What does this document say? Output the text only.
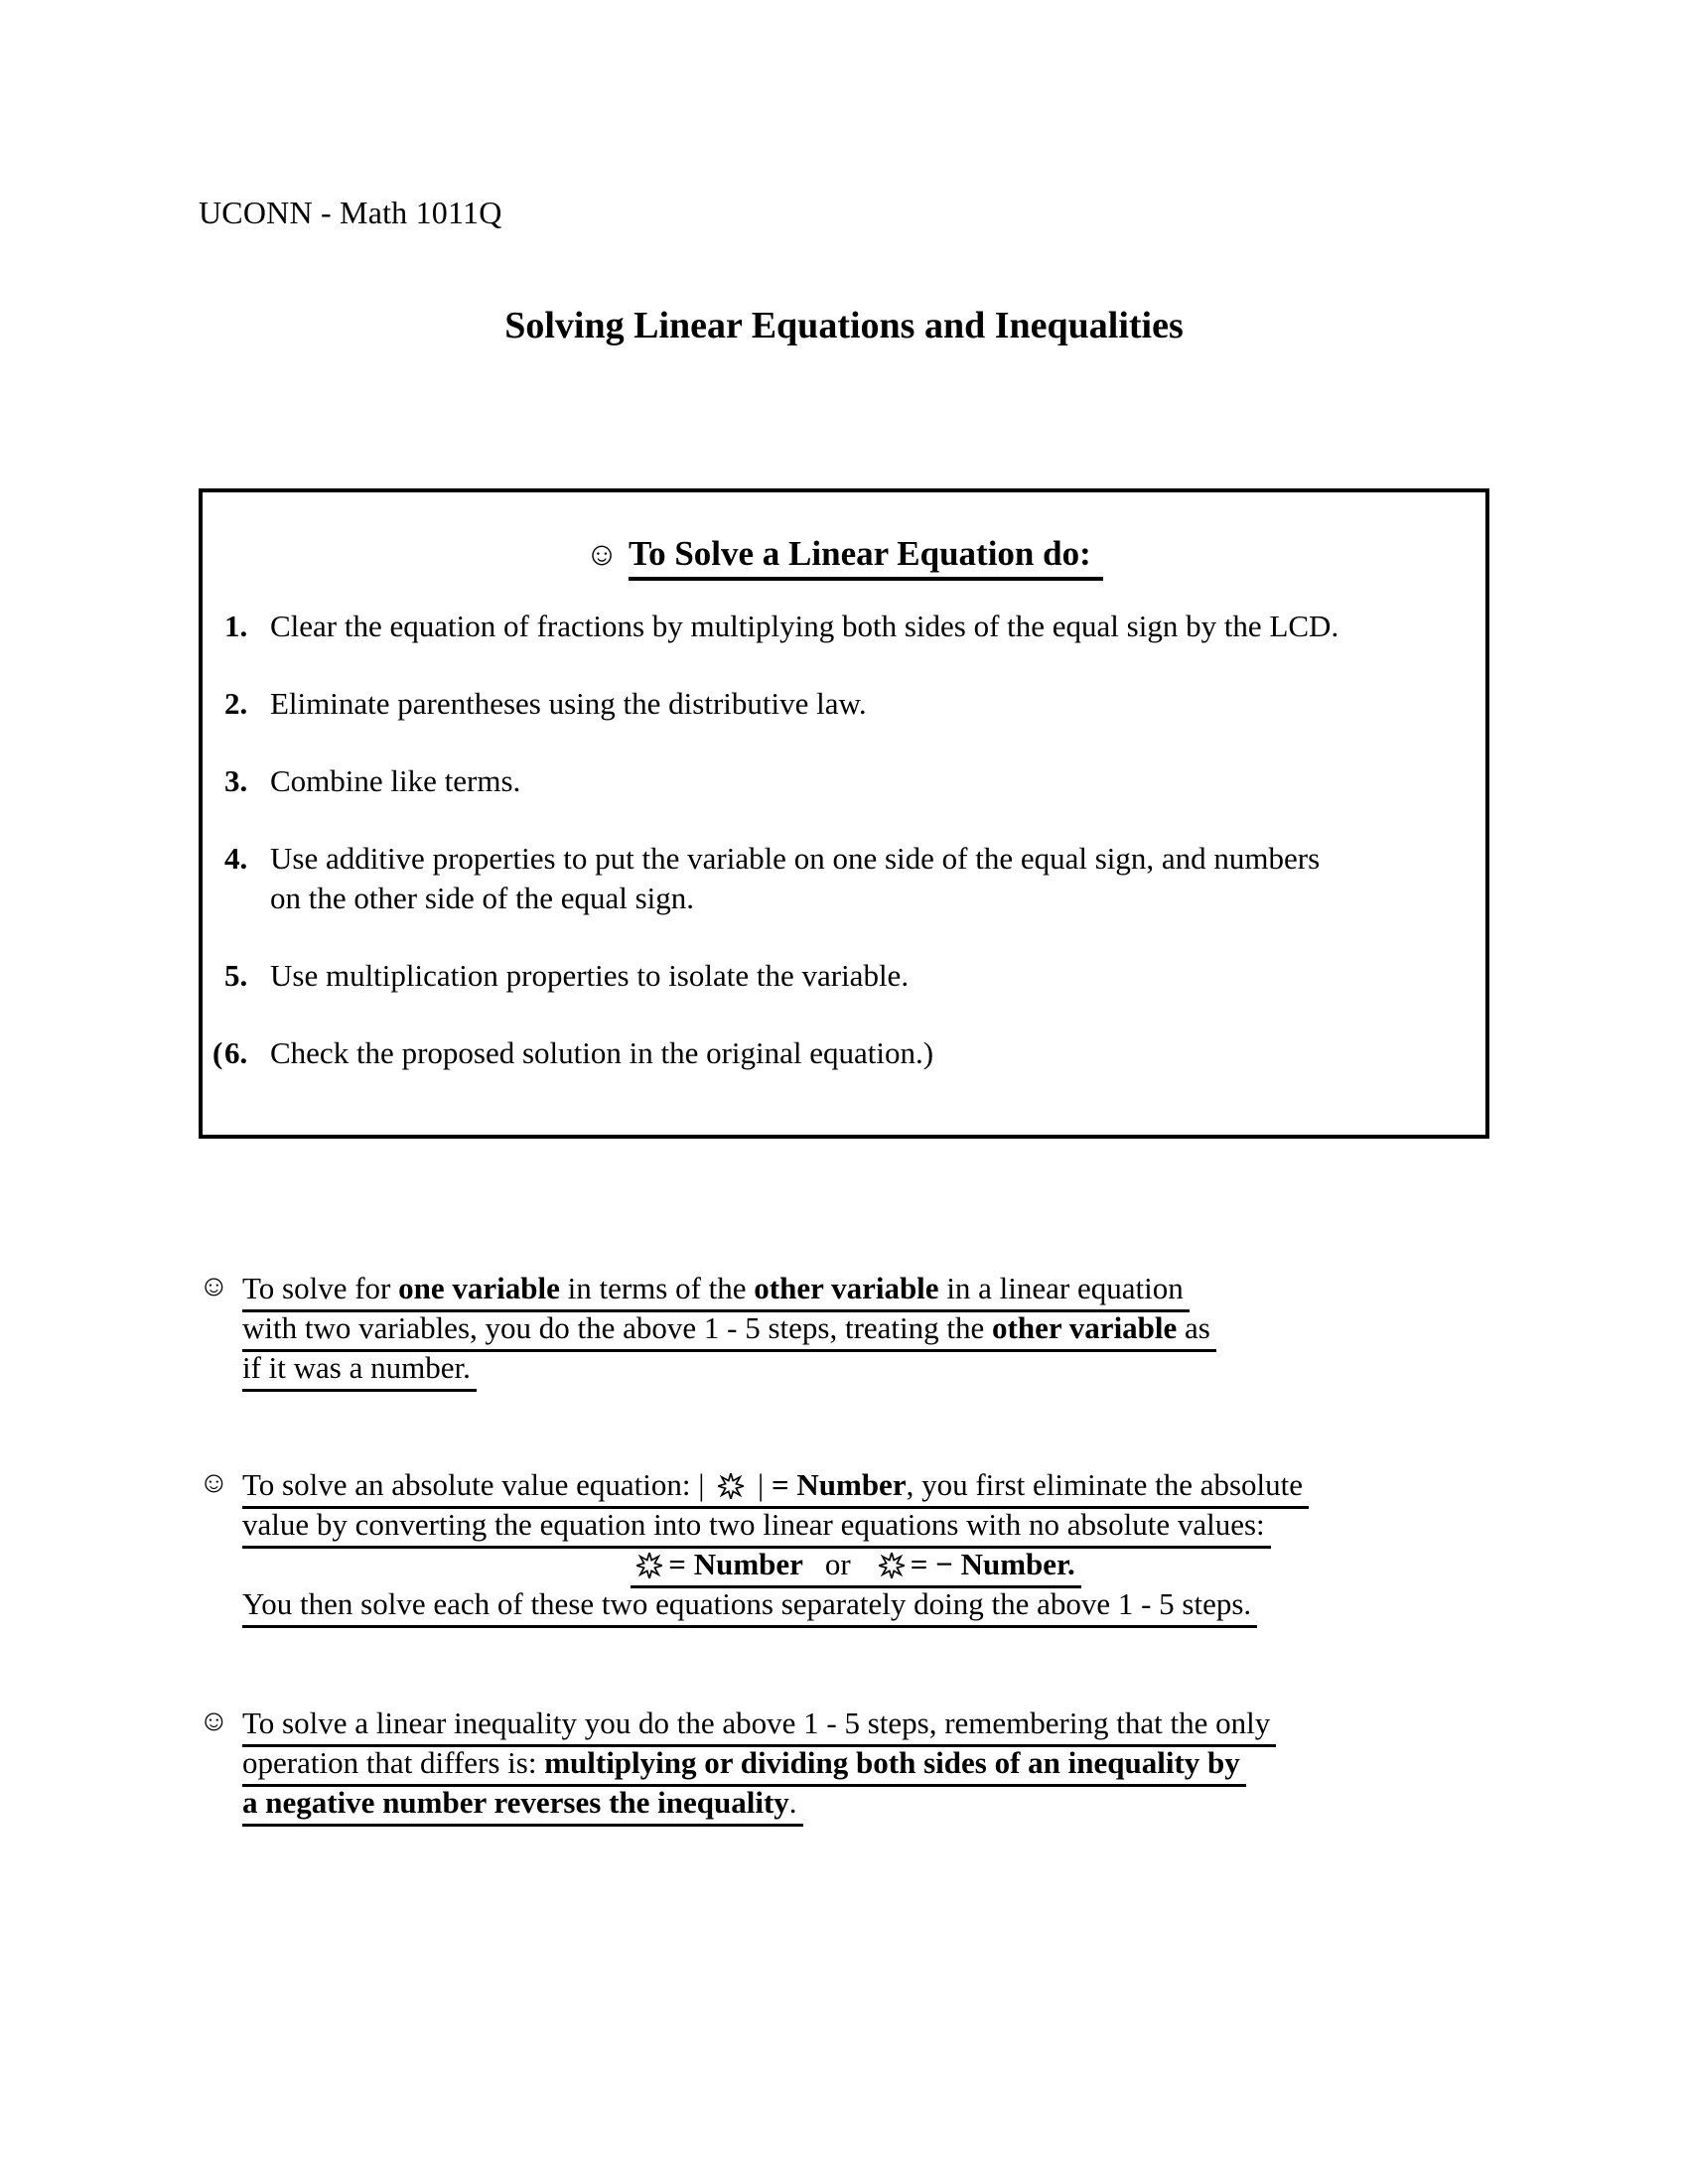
UCONN - Math 1011Q
Solving Linear Equations and Inequalities
☺ To Solve a Linear Equation do:
1. Clear the equation of fractions by multiplying both sides of the equal sign by the LCD.
2. Eliminate parentheses using the distributive law.
3. Combine like terms.
4. Use additive properties to put the variable on one side of the equal sign, and numbers
on the other side of the equal sign.
5. Use multiplication properties to isolate the variable.
( 6. Check the proposed solution in the original equation.)
☺ To solve for one variable in terms of the other variable in a linear equation
with two variables, you do the above 1 - 5 steps, treating the other variable as
if it was a number.
☺ To solve an absolute value equation: |  | = Number, you first eliminate the absolute
value by converting the equation into two linear equations with no absolute values:
= Number or = − Number.
You then solve each of these two equations separately doing the above 1 - 5 steps.
☺ To solve a linear inequality you do the above 1 - 5 steps, remembering that the only
operation that differs is: multiplying or dividing both sides of an inequality by
a negative number reverses the inequality.
